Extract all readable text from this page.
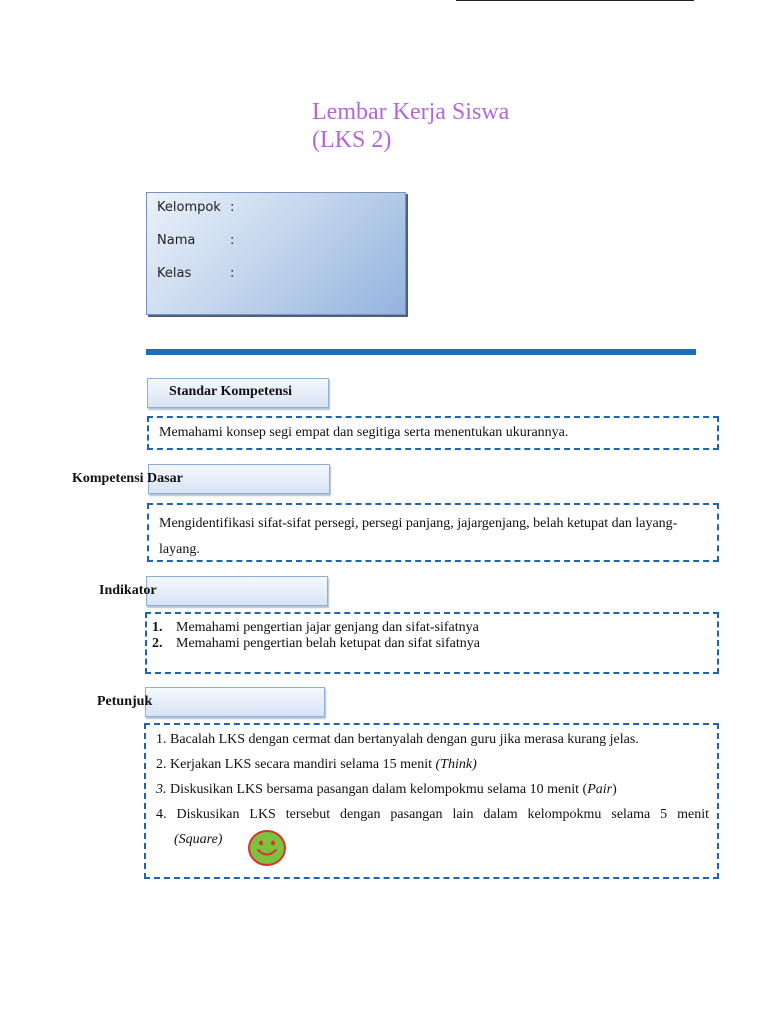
Lembar Kerja Siswa
(LKS 2)
Kelompok :
Nama	:
Kelas	:
Standar Kompetensi
Memahami konsep segi empat dan segitiga serta menentukan ukurannya.
Kompetensi Dasar
Mengidentifikasi sifat-sifat persegi, persegi panjang, jajargenjang, belah ketupat dan layang-layang.
Indikator
1. Memahami pengertian jajar genjang dan sifat-sifatnya
2. Memahami pengertian belah ketupat dan sifat sifatnya
Petunjuk
1. Bacalah LKS dengan cermat dan bertanyalah dengan guru jika merasa kurang jelas.
2. Kerjakan LKS secara mandiri selama 15 menit (Think)
3. Diskusikan LKS bersama pasangan dalam kelompokmu selama 10 menit (Pair)
4. Diskusikan LKS tersebut dengan pasangan lain dalam kelompokmu selama 5 menit
(Square)
